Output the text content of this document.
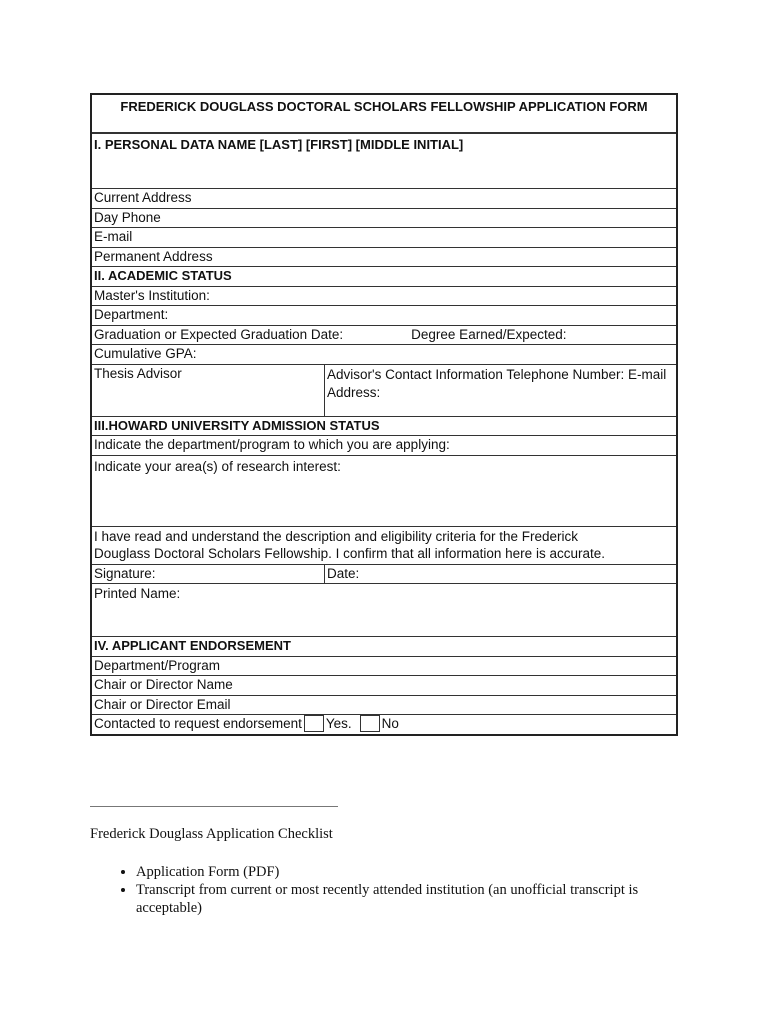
FREDERICK DOUGLASS DOCTORAL SCHOLARS FELLOWSHIP APPLICATION FORM
I. PERSONAL DATA NAME [LAST] [FIRST] [MIDDLE INITIAL]
Current Address
Day Phone
E-mail
Permanent Address
II. ACADEMIC STATUS
Master's Institution:
Department:
Graduation or Expected Graduation Date:	Degree Earned/Expected:
Cumulative GPA:
Thesis Advisor	Advisor's Contact Information Telephone Number: E-mail Address:
III.HOWARD UNIVERSITY ADMISSION STATUS
Indicate the department/program to which you are applying:
Indicate your area(s) of research interest:
I have read and understand the description and eligibility criteria for the Frederick Douglass Doctoral Scholars Fellowship. I confirm that all information here is accurate.
Signature:	Date:
Printed Name:
IV. APPLICANT ENDORSEMENT
Department/Program
Chair or Director Name
Chair or Director Email
Contacted to request endorsement Yes. No

Frederick Douglass Application Checklist

• Application Form (PDF)
• Transcript from current or most recently attended institution (an unofficial transcript is acceptable)
